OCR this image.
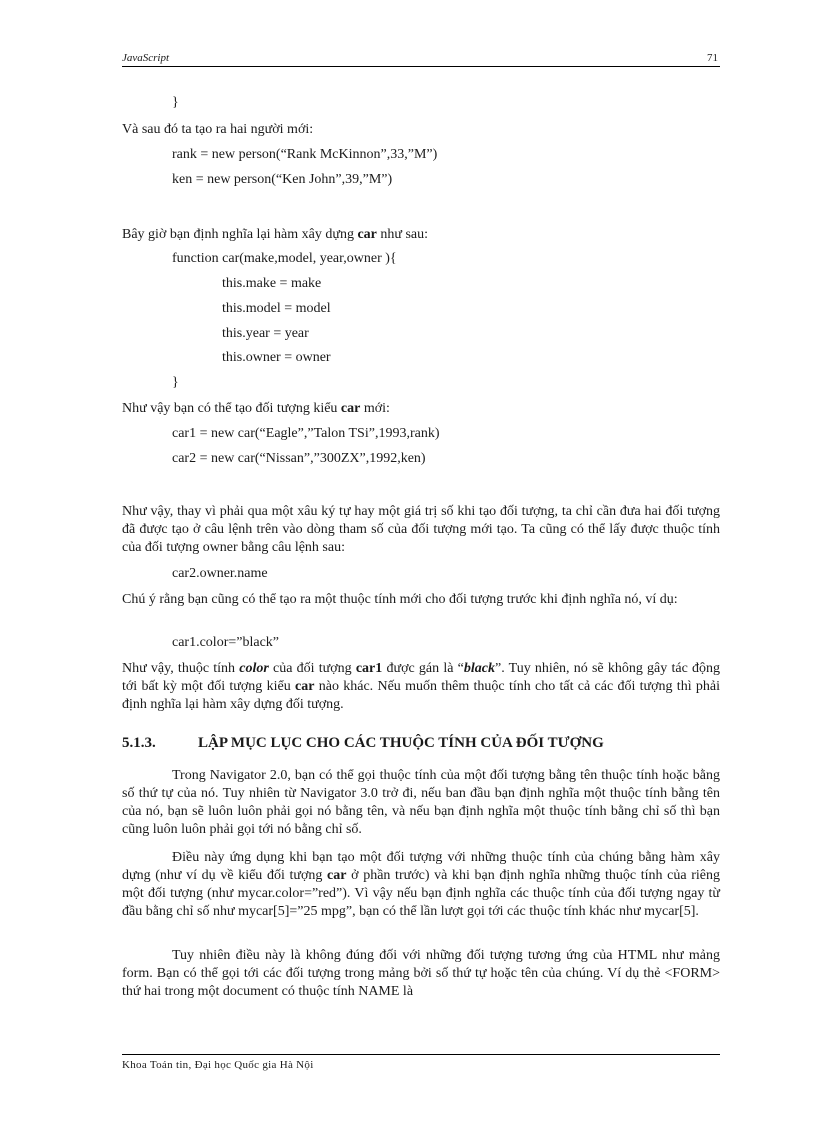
JavaScript	71
}
Và sau đó ta tạo ra hai người mới:
rank = new person(“Rank McKinnon”,33,”M”)
ken = new person(“Ken John”,39,”M”)
Bây giờ bạn định nghĩa lại hàm xây dựng car như sau:
function car(make,model, year,owner ){
this.make = make
this.model = model
this.year = year
this.owner = owner
}
Như vậy bạn có thể tạo đối tượng kiểu car mới:
car1 = new car(“Eagle”,”Talon TSi”,1993,rank)
car2 = new car(“Nissan”,”300ZX”,1992,ken)
Như vậy, thay vì phải qua một xâu ký tự hay một giá trị số khi tạo đối tượng, ta chỉ cần đưa hai đối tượng đã được tạo ở câu lệnh trên vào dòng tham số của đối tượng mới tạo. Ta cũng có thể lấy được thuộc tính của đối tượng owner bằng câu lệnh sau:
car2.owner.name
Chú ý rằng bạn cũng có thể tạo ra một thuộc tính mới cho đối tượng trước khi định nghĩa nó, ví dụ:
car1.color=”black”
Như vậy, thuộc tính color của đối tượng car1 được gán là “black”. Tuy nhiên, nó sẽ không gây tác động tới bất kỳ một đối tượng kiểu car nào khác. Nếu muốn thêm thuộc tính cho tất cả các đối tượng thì phải định nghĩa lại hàm xây dựng đối tượng.
5.1.3.	LẬP MỤC LỤC CHO CÁC THUỘC TÍNH CỦA ĐỐI TƯỢNG
Trong Navigator 2.0, bạn có thể gọi thuộc tính của một đối tượng bằng tên thuộc tính hoặc bằng số thứ tự của nó. Tuy nhiên từ Navigator 3.0 trở đi, nếu ban đầu bạn định nghĩa một thuộc tính bằng tên của nó, bạn sẽ luôn luôn phải gọi nó bằng tên, và nếu bạn định nghĩa một thuộc tính bằng chỉ số thì bạn cũng luôn luôn phải gọi tới nó bằng chỉ số.
Điều này ứng dụng khi bạn tạo một đối tượng với những thuộc tính của chúng bằng hàm xây dựng (như ví dụ về kiểu đối tượng car ở phần trước) và khi bạn định nghĩa những thuộc tính của riêng một đối tượng (như mycar.color=”red”). Vì vậy nếu bạn định nghĩa các thuộc tính của đối tượng ngay từ đầu bằng chỉ số như mycar[5]=”25 mpg”, bạn có thể lần lượt gọi tới các thuộc tính khác như mycar[5].
Tuy nhiên điều này là không đúng đối với những đối tượng tương ứng của HTML như mảng form. Bạn có thể gọi tới các đối tượng trong mảng bởi số thứ tự hoặc tên của chúng. Ví dụ thẻ <FORM> thứ hai trong một document có thuộc tính NAME là
Khoa Toán tin, Đại học Quốc gia Hà Nội
